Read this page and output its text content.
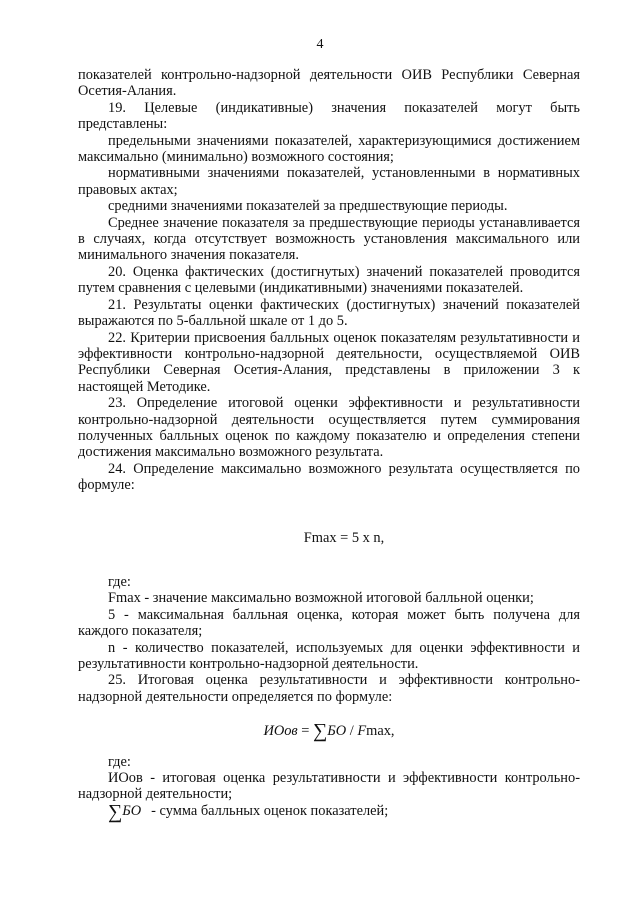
4

показателей контрольно-надзорной деятельности ОИВ Республики Северная Осетия-Алания.

19. Целевые (индикативные) значения показателей могут быть представлены:

предельными значениями показателей, характеризующимися достижением максимально (минимально) возможного состояния;

нормативными значениями показателей, установленными в нормативных правовых актах;

средними значениями показателей за предшествующие периоды.

Среднее значение показателя за предшествующие периоды устанавливается в случаях, когда отсутствует возможность установления максимального или минимального значения показателя.

20. Оценка фактических (достигнутых) значений показателей проводится путем сравнения с целевыми (индикативными) значениями показателей.

21. Результаты оценки фактических (достигнутых) значений показателей выражаются по 5-балльной шкале от 1 до 5.

22. Критерии присвоения балльных оценок показателям результативности и эффективности контрольно-надзорной деятельности, осуществляемой ОИВ Республики Северная Осетия-Алания, представлены в приложении 3 к настоящей Методике.

23. Определение итоговой оценки эффективности и результативности контрольно-надзорной деятельности осуществляется путем суммирования полученных балльных оценок по каждому показателю и определения степени достижения максимально возможного результата.

24. Определение максимально возможного результата осуществляется по формуле:

Fmax = 5 x n,

где:

Fmax - значение максимально возможной итоговой балльной оценки;

5 - максимальная балльная оценка, которая может быть получена для каждого показателя;

n - количество показателей, используемых для оценки эффективности и результативности контрольно-надзорной деятельности.

25. Итоговая оценка результативности и эффективности контрольно-надзорной деятельности определяется по формуле:

ИОов = ∑БО / Fmax,

где:

ИОов - итоговая оценка результативности и эффективности контрольно-надзорной деятельности;

∑БО - сумма балльных оценок показателей;
